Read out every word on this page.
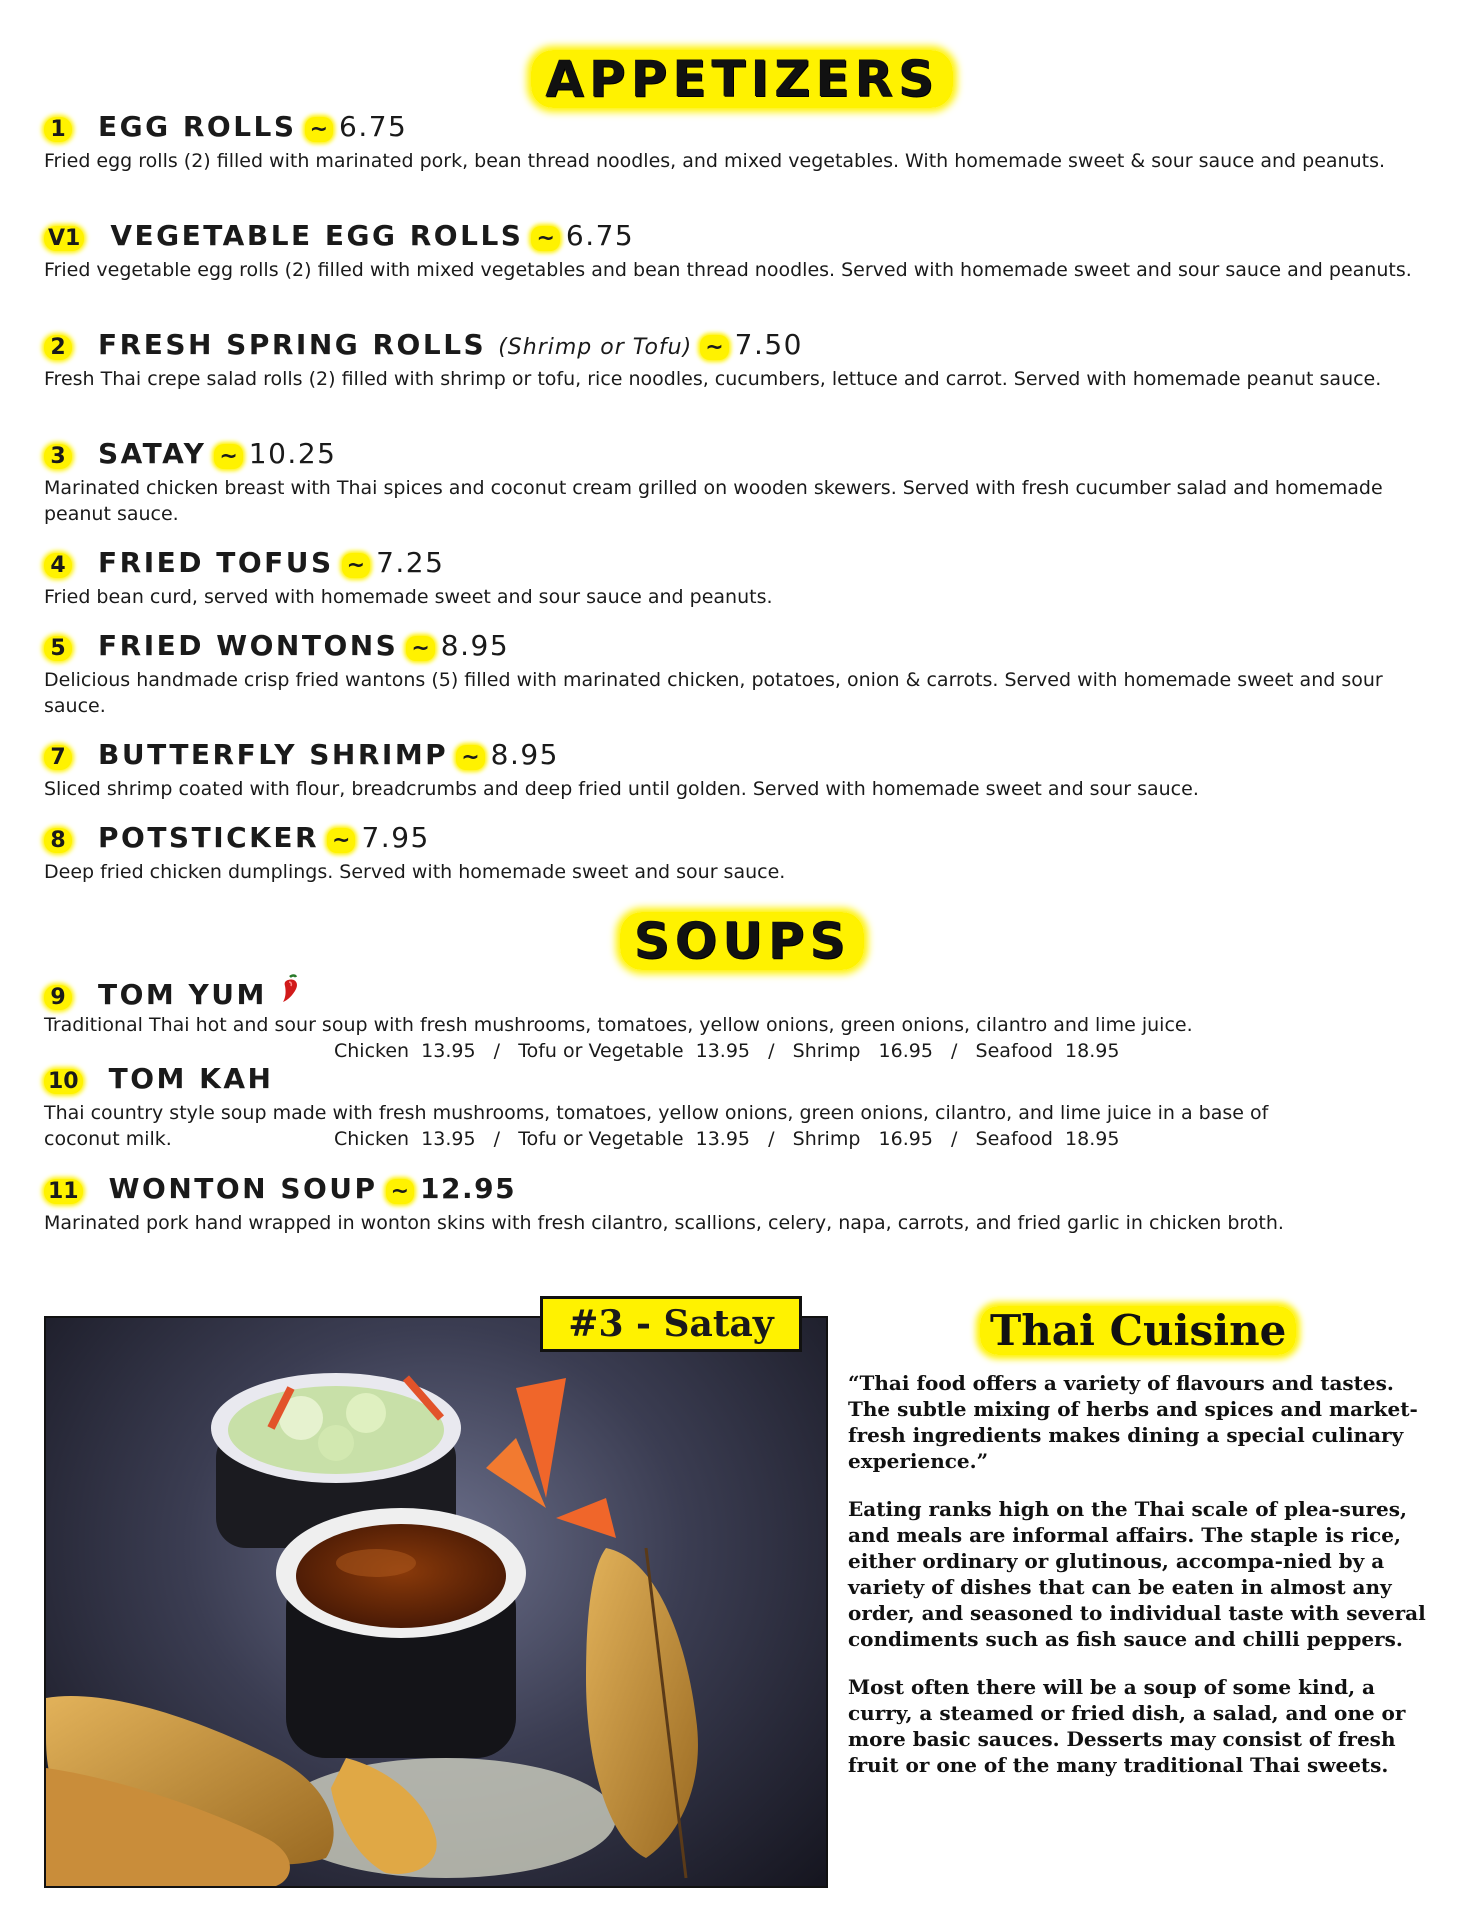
APPETIZERS
1 EGG ROLLS ~ 6.75
Fried egg rolls (2) filled with marinated pork, bean thread noodles, and mixed vegetables. With homemade sweet & sour sauce and peanuts.
V1 VEGETABLE EGG ROLLS ~ 6.75
Fried vegetable egg rolls (2) filled with mixed vegetables and bean thread noodles. Served with homemade sweet and sour sauce and peanuts.
2 FRESH SPRING ROLLS (Shrimp or Tofu) ~ 7.50
Fresh Thai crepe salad rolls (2) filled with shrimp or tofu, rice noodles, cucumbers, lettuce and carrot. Served with homemade peanut sauce.
3 SATAY ~ 10.25
Marinated chicken breast with Thai spices and coconut cream grilled on wooden skewers. Served with fresh cucumber salad and homemade peanut sauce.
4 FRIED TOFUS ~ 7.25
Fried bean curd, served with homemade sweet and sour sauce and peanuts.
5 FRIED WONTONS ~ 8.95
Delicious handmade crisp fried wantons (5) filled with marinated chicken, potatoes, onion & carrots. Served with homemade sweet and sour sauce.
7 BUTTERFLY SHRIMP ~ 8.95
Sliced shrimp coated with flour, breadcrumbs and deep fried until golden. Served with homemade sweet and sour sauce.
8 POTSTICKER ~ 7.95
Deep fried chicken dumplings. Served with homemade sweet and sour sauce.
SOUPS
9 TOM YUM
Traditional Thai hot and sour soup with fresh mushrooms, tomatoes, yellow onions, green onions, cilantro and lime juice.
Chicken  13.95   /   Tofu or Vegetable  13.95   /   Shrimp   16.95   /   Seafood  18.95
10 TOM KAH
Thai country style soup made with fresh mushrooms, tomatoes, yellow onions, green onions, cilantro, and lime juice in a base of
coconut milk.	Chicken  13.95   /   Tofu or Vegetable  13.95   /   Shrimp   16.95   /   Seafood  18.95
11 WONTON SOUP ~ 12.95
Marinated pork hand wrapped in wonton skins with fresh cilantro, scallions, celery, napa, carrots, and fried garlic in chicken broth.
#3 - Satay	Thai Cuisine

“Thai food offers a variety of flavours and tastes. The subtle mixing of herbs and spices and market-fresh ingredients makes dining a special culinary experience.”

Eating ranks high on the Thai scale of plea-sures, and meals are informal affairs. The staple is rice, either ordinary or glutinous, accompa-nied by a variety of dishes that can be eaten in almost any order, and seasoned to individual taste with several condiments such as fish sauce and chilli peppers.

Most often there will be a soup of some kind, a curry, a steamed or fried dish, a salad, and one or more basic sauces. Desserts may consist of fresh fruit or one of the many traditional Thai sweets.
